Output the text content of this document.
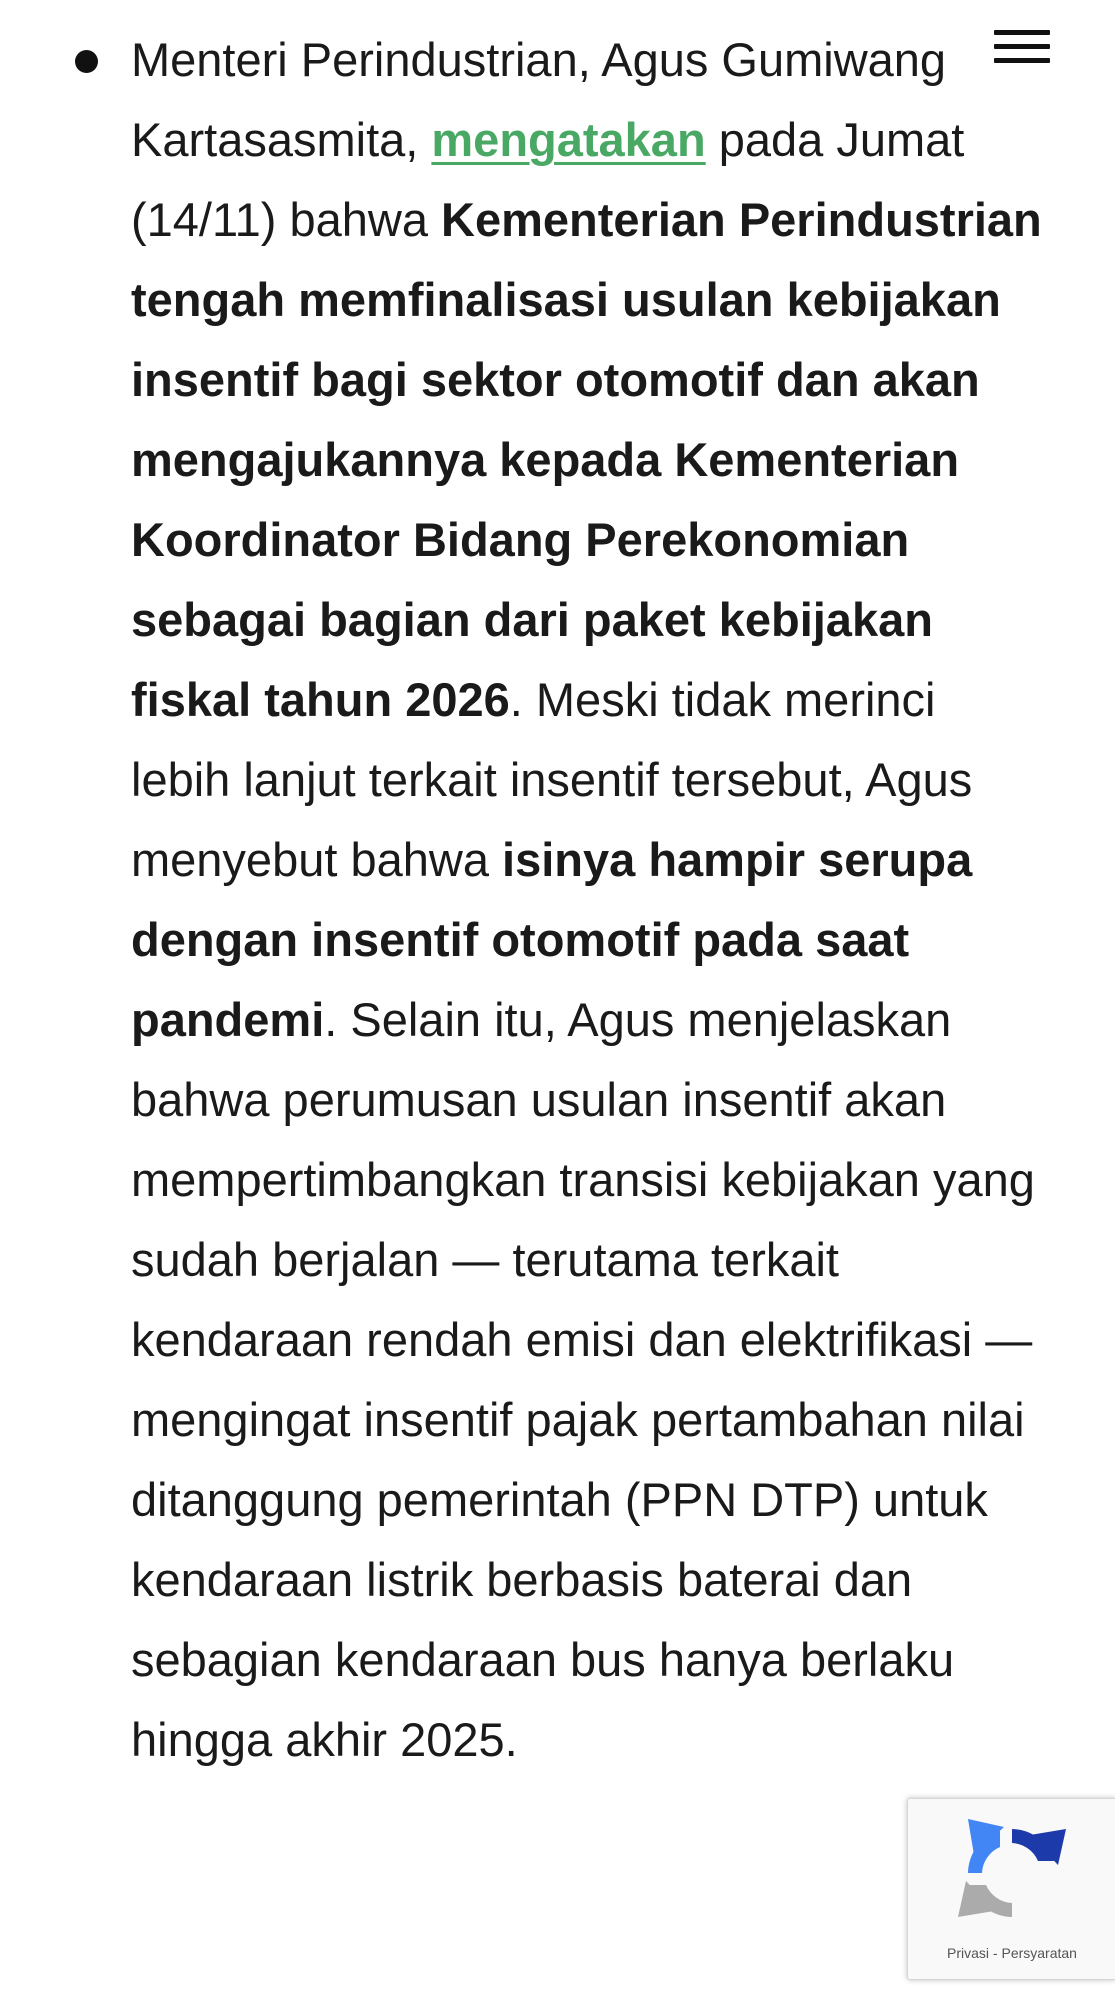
Menteri Perindustrian, Agus Gumiwang Kartasasmita, mengatakan pada Jumat (14/11) bahwa Kementerian Perindustrian tengah memfinalisasi usulan kebijakan insentif bagi sektor otomotif dan akan mengajukannya kepada Kementerian Koordinator Bidang Perekonomian sebagai bagian dari paket kebijakan fiskal tahun 2026. Meski tidak merinci lebih lanjut terkait insentif tersebut, Agus menyebut bahwa isinya hampir serupa dengan insentif otomotif pada saat pandemi. Selain itu, Agus menjelaskan bahwa perumusan usulan insentif akan mempertimbangkan transisi kebijakan yang sudah berjalan — terutama terkait kendaraan rendah emisi dan elektrifikasi — mengingat insentif pajak pertambahan nilai ditanggung pemerintah (PPN DTP) untuk kendaraan listrik berbasis baterai dan sebagian kendaraan bus hanya berlaku hingga akhir 2025.
Privasi - Persyaratan
